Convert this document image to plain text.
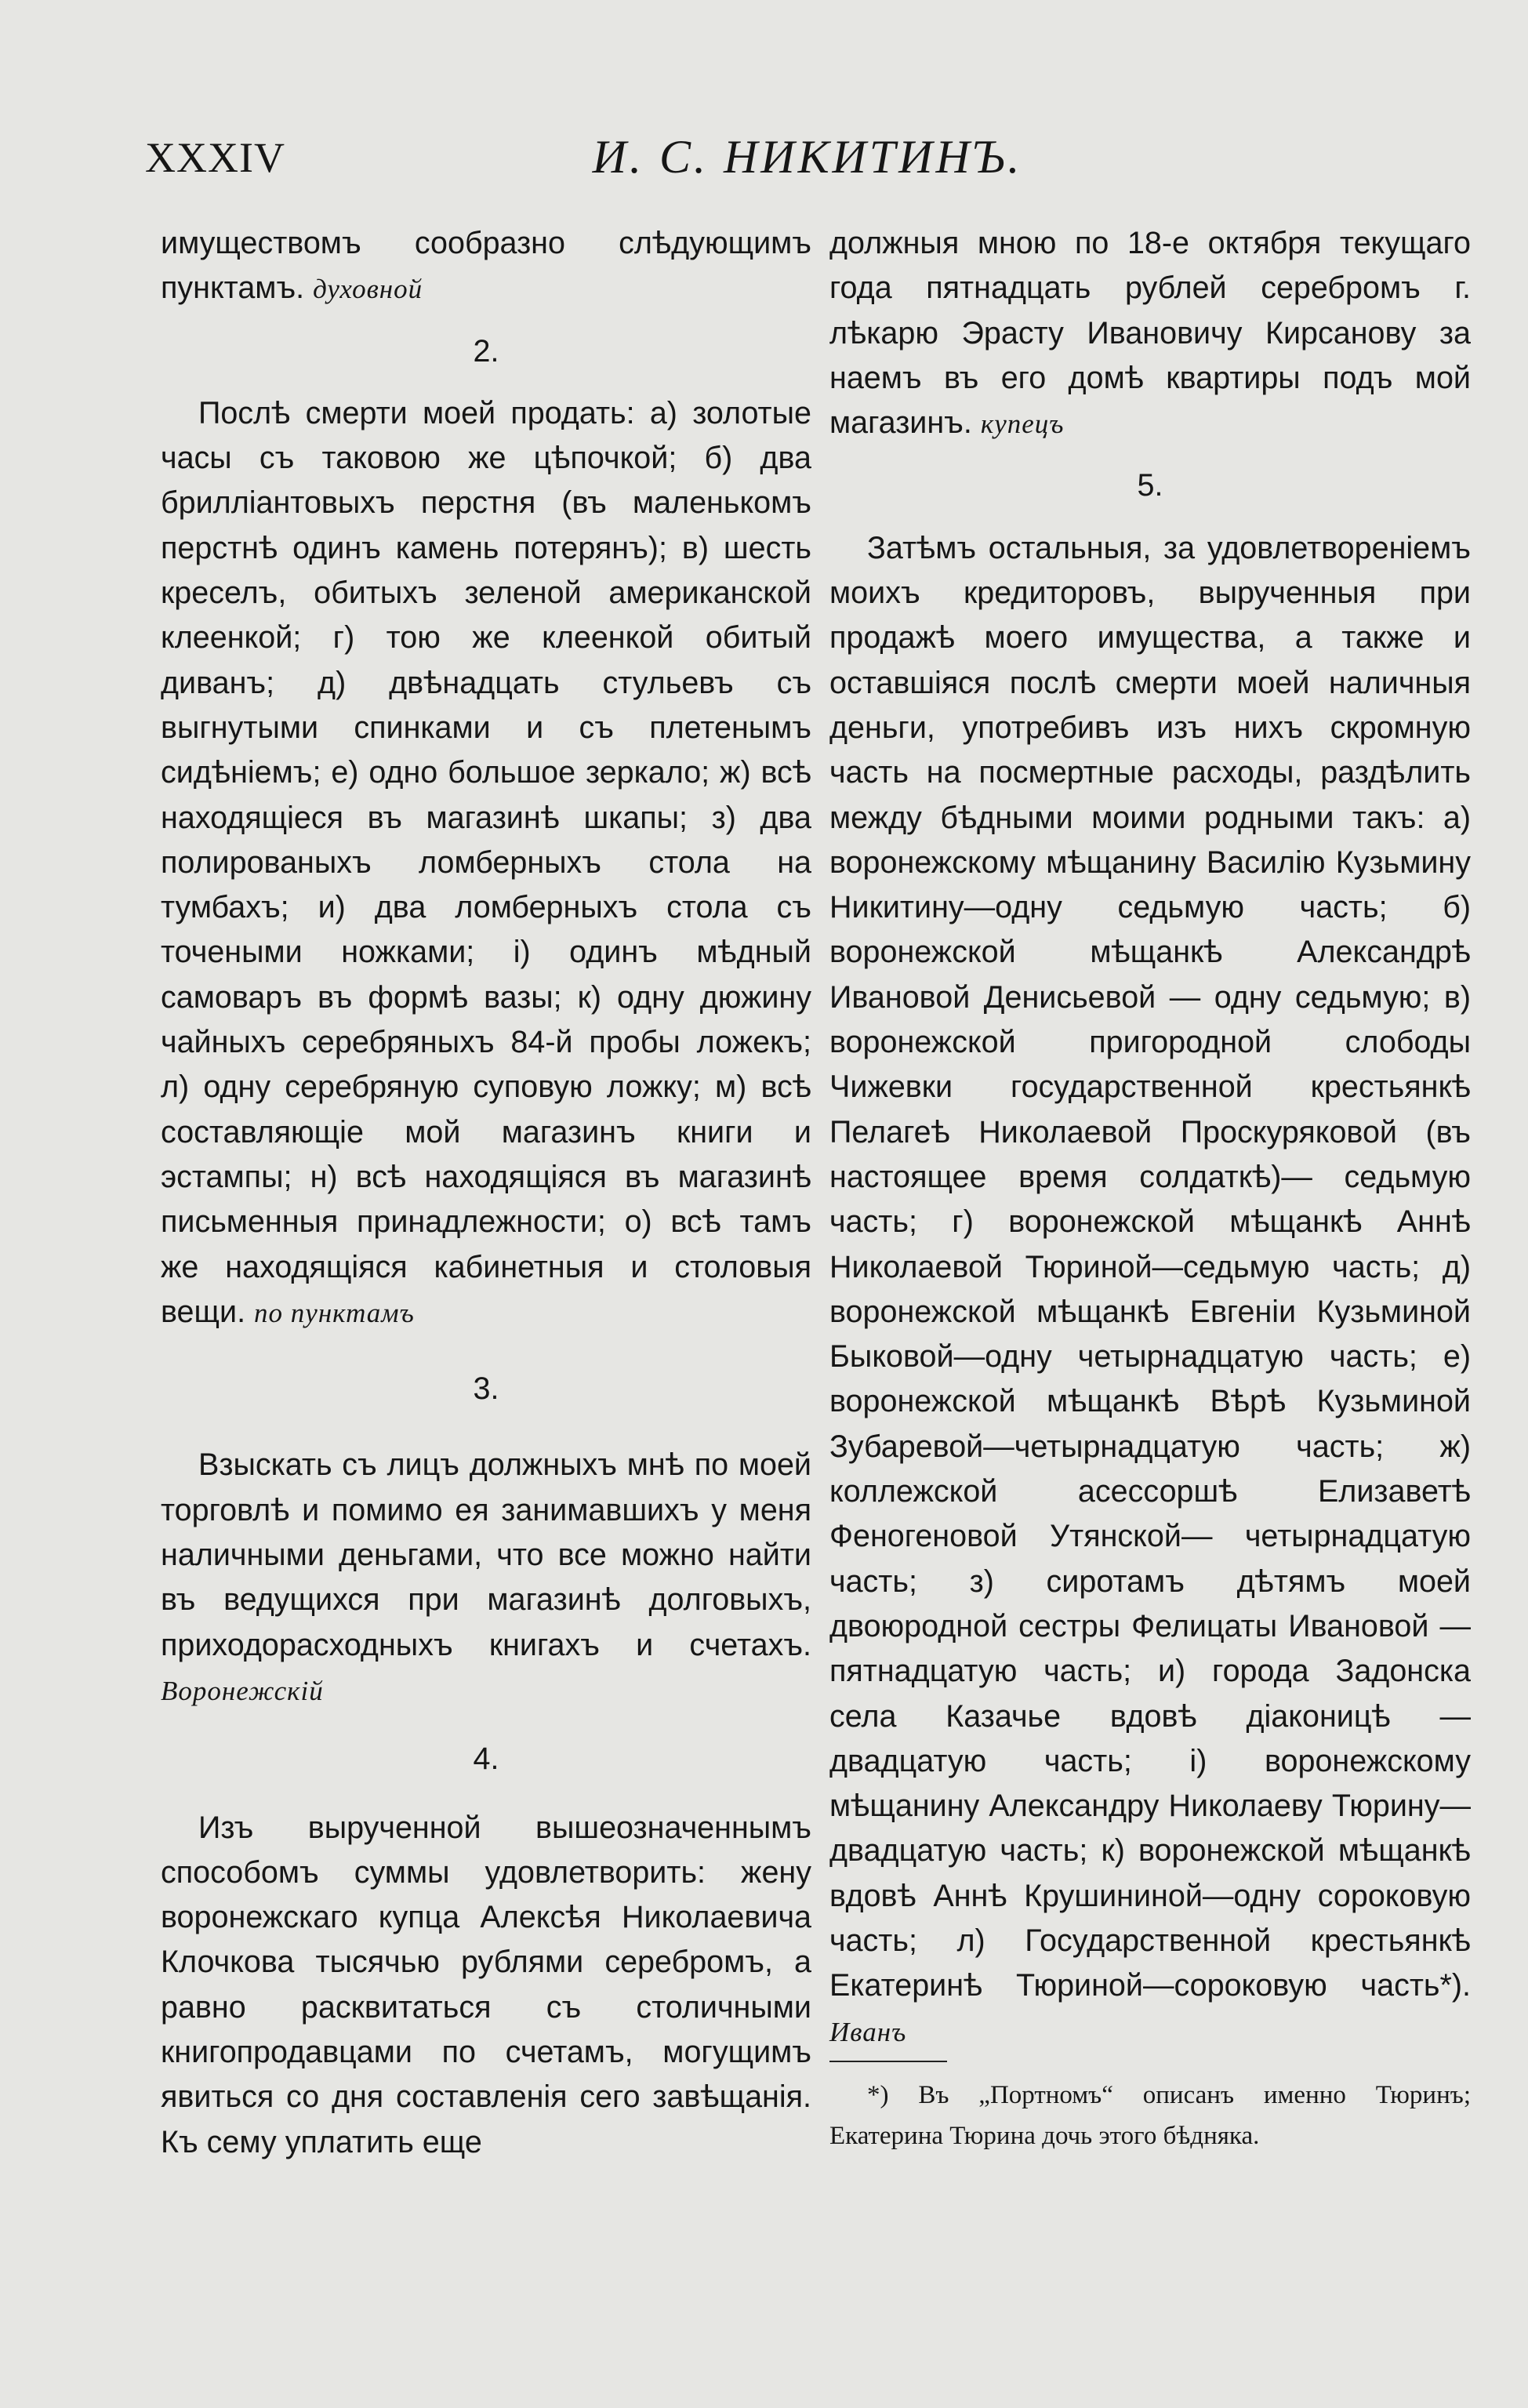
XXXIV	И. С. НИКИТИНЪ.

имуществомъ сообразно слѣдующимъ пунктамъ. духовной

2.

Послѣ смерти моей продать: а) золотые часы съ таковою же цѣпочкой; б) два брилліантовыхъ перстня (въ маленькомъ перстнѣ одинъ камень потерянъ); в) шесть креселъ, обитыхъ зеленой американской клеенкой; г) тою же клеенкой обитый диванъ; д) двѣнадцать стульевъ съ выгнутыми спинками и съ плетенымъ сидѣніемъ; е) одно большое зеркало; ж) всѣ находящіеся въ магазинѣ шкапы; з) два полированыхъ ломберныхъ стола на тумбахъ; и) два ломберныхъ стола съ точеными ножками; і) одинъ мѣдный самоваръ въ формѣ вазы; к) одну дюжину чайныхъ серебряныхъ 84-й пробы ложекъ; л) одну серебряную суповую ложку; м) всѣ составляющіе мой магазинъ книги и эстампы; н) всѣ находящіяся въ магазинѣ письменныя принадлежности; о) всѣ тамъ же находящіяся кабинетныя и столовыя вещи. по пунктамъ

3.

Взыскать съ лицъ должныхъ мнѣ по моей торговлѣ и помимо ея занимавшихъ у меня наличными деньгами, что все можно найти въ ведущихся при магазинѣ долговыхъ, приходорасходныхъ книгахъ и счетахъ. Воронежскій

4.

Изъ вырученной вышеозначеннымъ способомъ суммы удовлетворить: жену воронежскаго купца Алексѣя Николаевича Клочкова тысячью рублями серебромъ, а равно расквитаться съ столичными книгопродавцами по счетамъ, могущимъ явиться со дня составленія сего завѣщанія. Къ сему уплатить еще

должныя мною по 18-е октября текущаго года пятнадцать рублей серебромъ г. лѣкарю Эрасту Ивановичу Кирсанову за наемъ въ его домѣ квартиры подъ мой магазинъ. купецъ

5.

Затѣмъ остальныя, за удовлетвореніемъ моихъ кредиторовъ, вырученныя при продажѣ моего имущества, а также и оставшіяся послѣ смерти моей наличныя деньги, употребивъ изъ нихъ скромную часть на посмертные расходы, раздѣлить между бѣдными моими родными такъ: а) воронежскому мѣщанину Василію Кузьмину Никитину—одну седьмую часть; б) воронежской мѣщанкѣ Александрѣ Ивановой Денисьевой — одну седьмую; в) воронежской пригородной слободы Чижевки государственной крестьянкѣ Пелагеѣ Николаевой Проскуряковой (въ настоящее время солдаткѣ)— седьмую часть; г) воронежской мѣщанкѣ Аннѣ Николаевой Тюриной—седьмую часть; д) воронежской мѣщанкѣ Евгеніи Кузьминой Быковой—одну четырнадцатую часть; е) воронежской мѣщанкѣ Вѣрѣ Кузьминой Зубаревой—четырнадцатую часть; ж) коллежской асессоршѣ Елизаветѣ Феногеновой Утянской— четырнадцатую часть; з) сиротамъ дѣтямъ моей двоюродной сестры Фелицаты Ивановой — пятнадцатую часть; и) города Задонска села Казачье вдовѣ діаконицѣ — двадцатую часть; і) воронежскому мѣщанину Александру Николаеву Тюрину— двадцатую часть; к) воронежской мѣщанкѣ вдовѣ Аннѣ Крушининой—одну сороковую часть; л) Государственной крестьянкѣ Екатеринѣ Тюриной—сороковую часть*). Иванъ

*) Въ „Портномъ“ описанъ именно Тюринъ; Екатерина Тюрина дочь этого бѣдняка.
